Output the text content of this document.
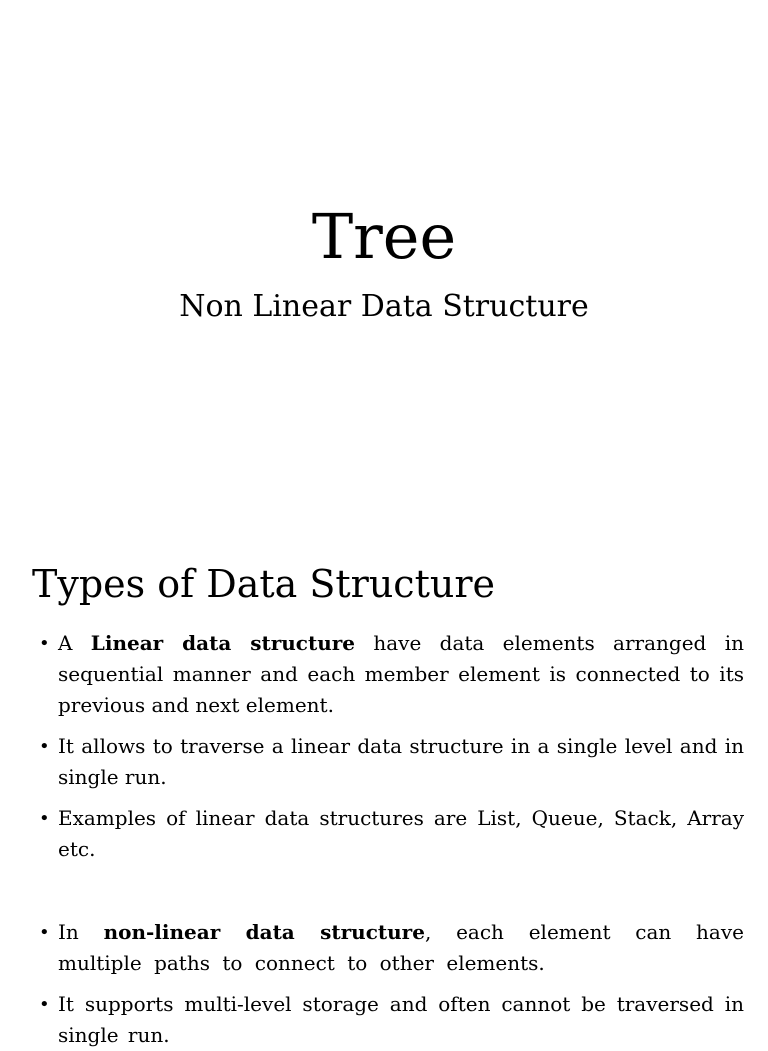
Tree
Non Linear Data Structure
Types of Data Structure
• A Linear data structure have data elements arranged in sequential manner and each member element is connected to its previous and next element.
• It allows to traverse a linear data structure in a single level and in single run.
• Examples of linear data structures are List, Queue, Stack, Array etc.
• In non-linear data structure, each element can have multiple paths to connect to other elements.
• It supports multi-level storage and often cannot be traversed in single run.
